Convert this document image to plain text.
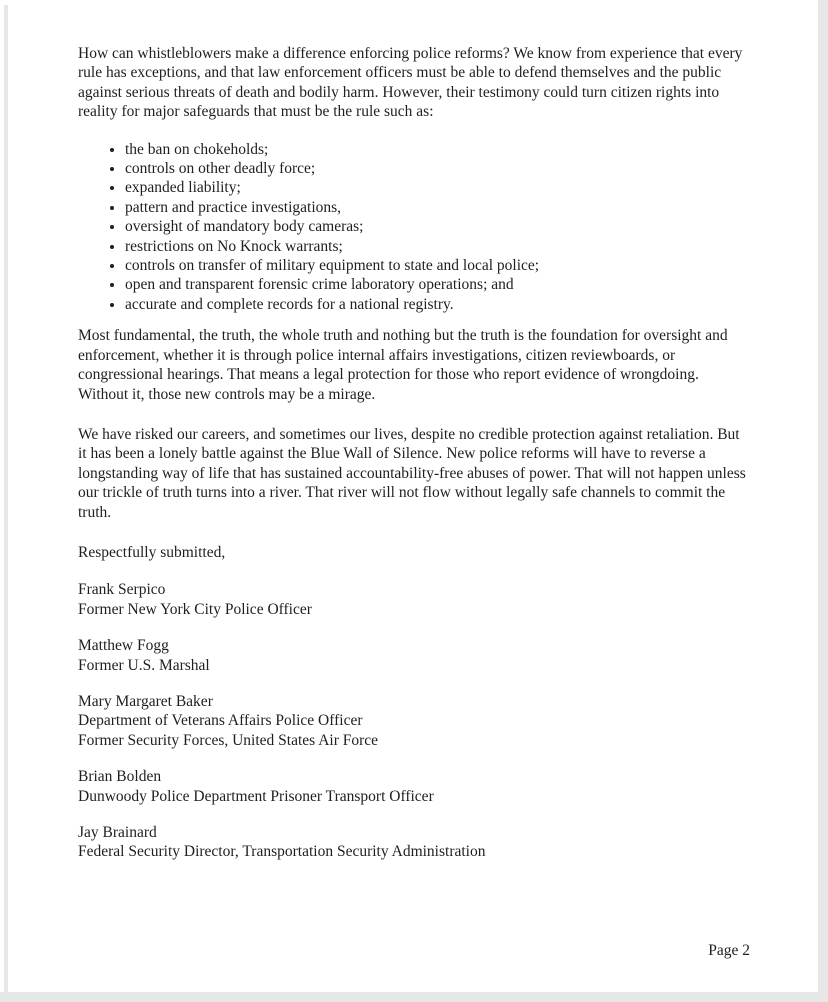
How can whistleblowers make a difference enforcing police reforms? We know from experience that every rule has exceptions, and that law enforcement officers must be able to defend themselves and the public against serious threats of death and bodily harm. However, their testimony could turn citizen rights into reality for major safeguards that must be the rule such as:

• the ban on chokeholds;
• controls on other deadly force;
• expanded liability;
• pattern and practice investigations,
• oversight of mandatory body cameras;
• restrictions on No Knock warrants;
• controls on transfer of military equipment to state and local police;
• open and transparent forensic crime laboratory operations; and
• accurate and complete records for a national registry.

Most fundamental, the truth, the whole truth and nothing but the truth is the foundation for oversight and enforcement, whether it is through police internal affairs investigations, citizen reviewboards, or congressional hearings. That means a legal protection for those who report evidence of wrongdoing. Without it, those new controls may be a mirage.

We have risked our careers, and sometimes our lives, despite no credible protection against retaliation. But it has been a lonely battle against the Blue Wall of Silence. New police reforms will have to reverse a longstanding way of life that has sustained accountability-free abuses of power. That will not happen unless our trickle of truth turns into a river. That river will not flow without legally safe channels to commit the truth.

Respectfully submitted,

Frank Serpico
Former New York City Police Officer
Matthew Fogg
Former U.S. Marshal
Mary Margaret Baker
Department of Veterans Affairs Police Officer
Former Security Forces, United States Air Force
Brian Bolden
Dunwoody Police Department Prisoner Transport Officer
Jay Brainard
Federal Security Director, Transportation Security Administration
Page 2
